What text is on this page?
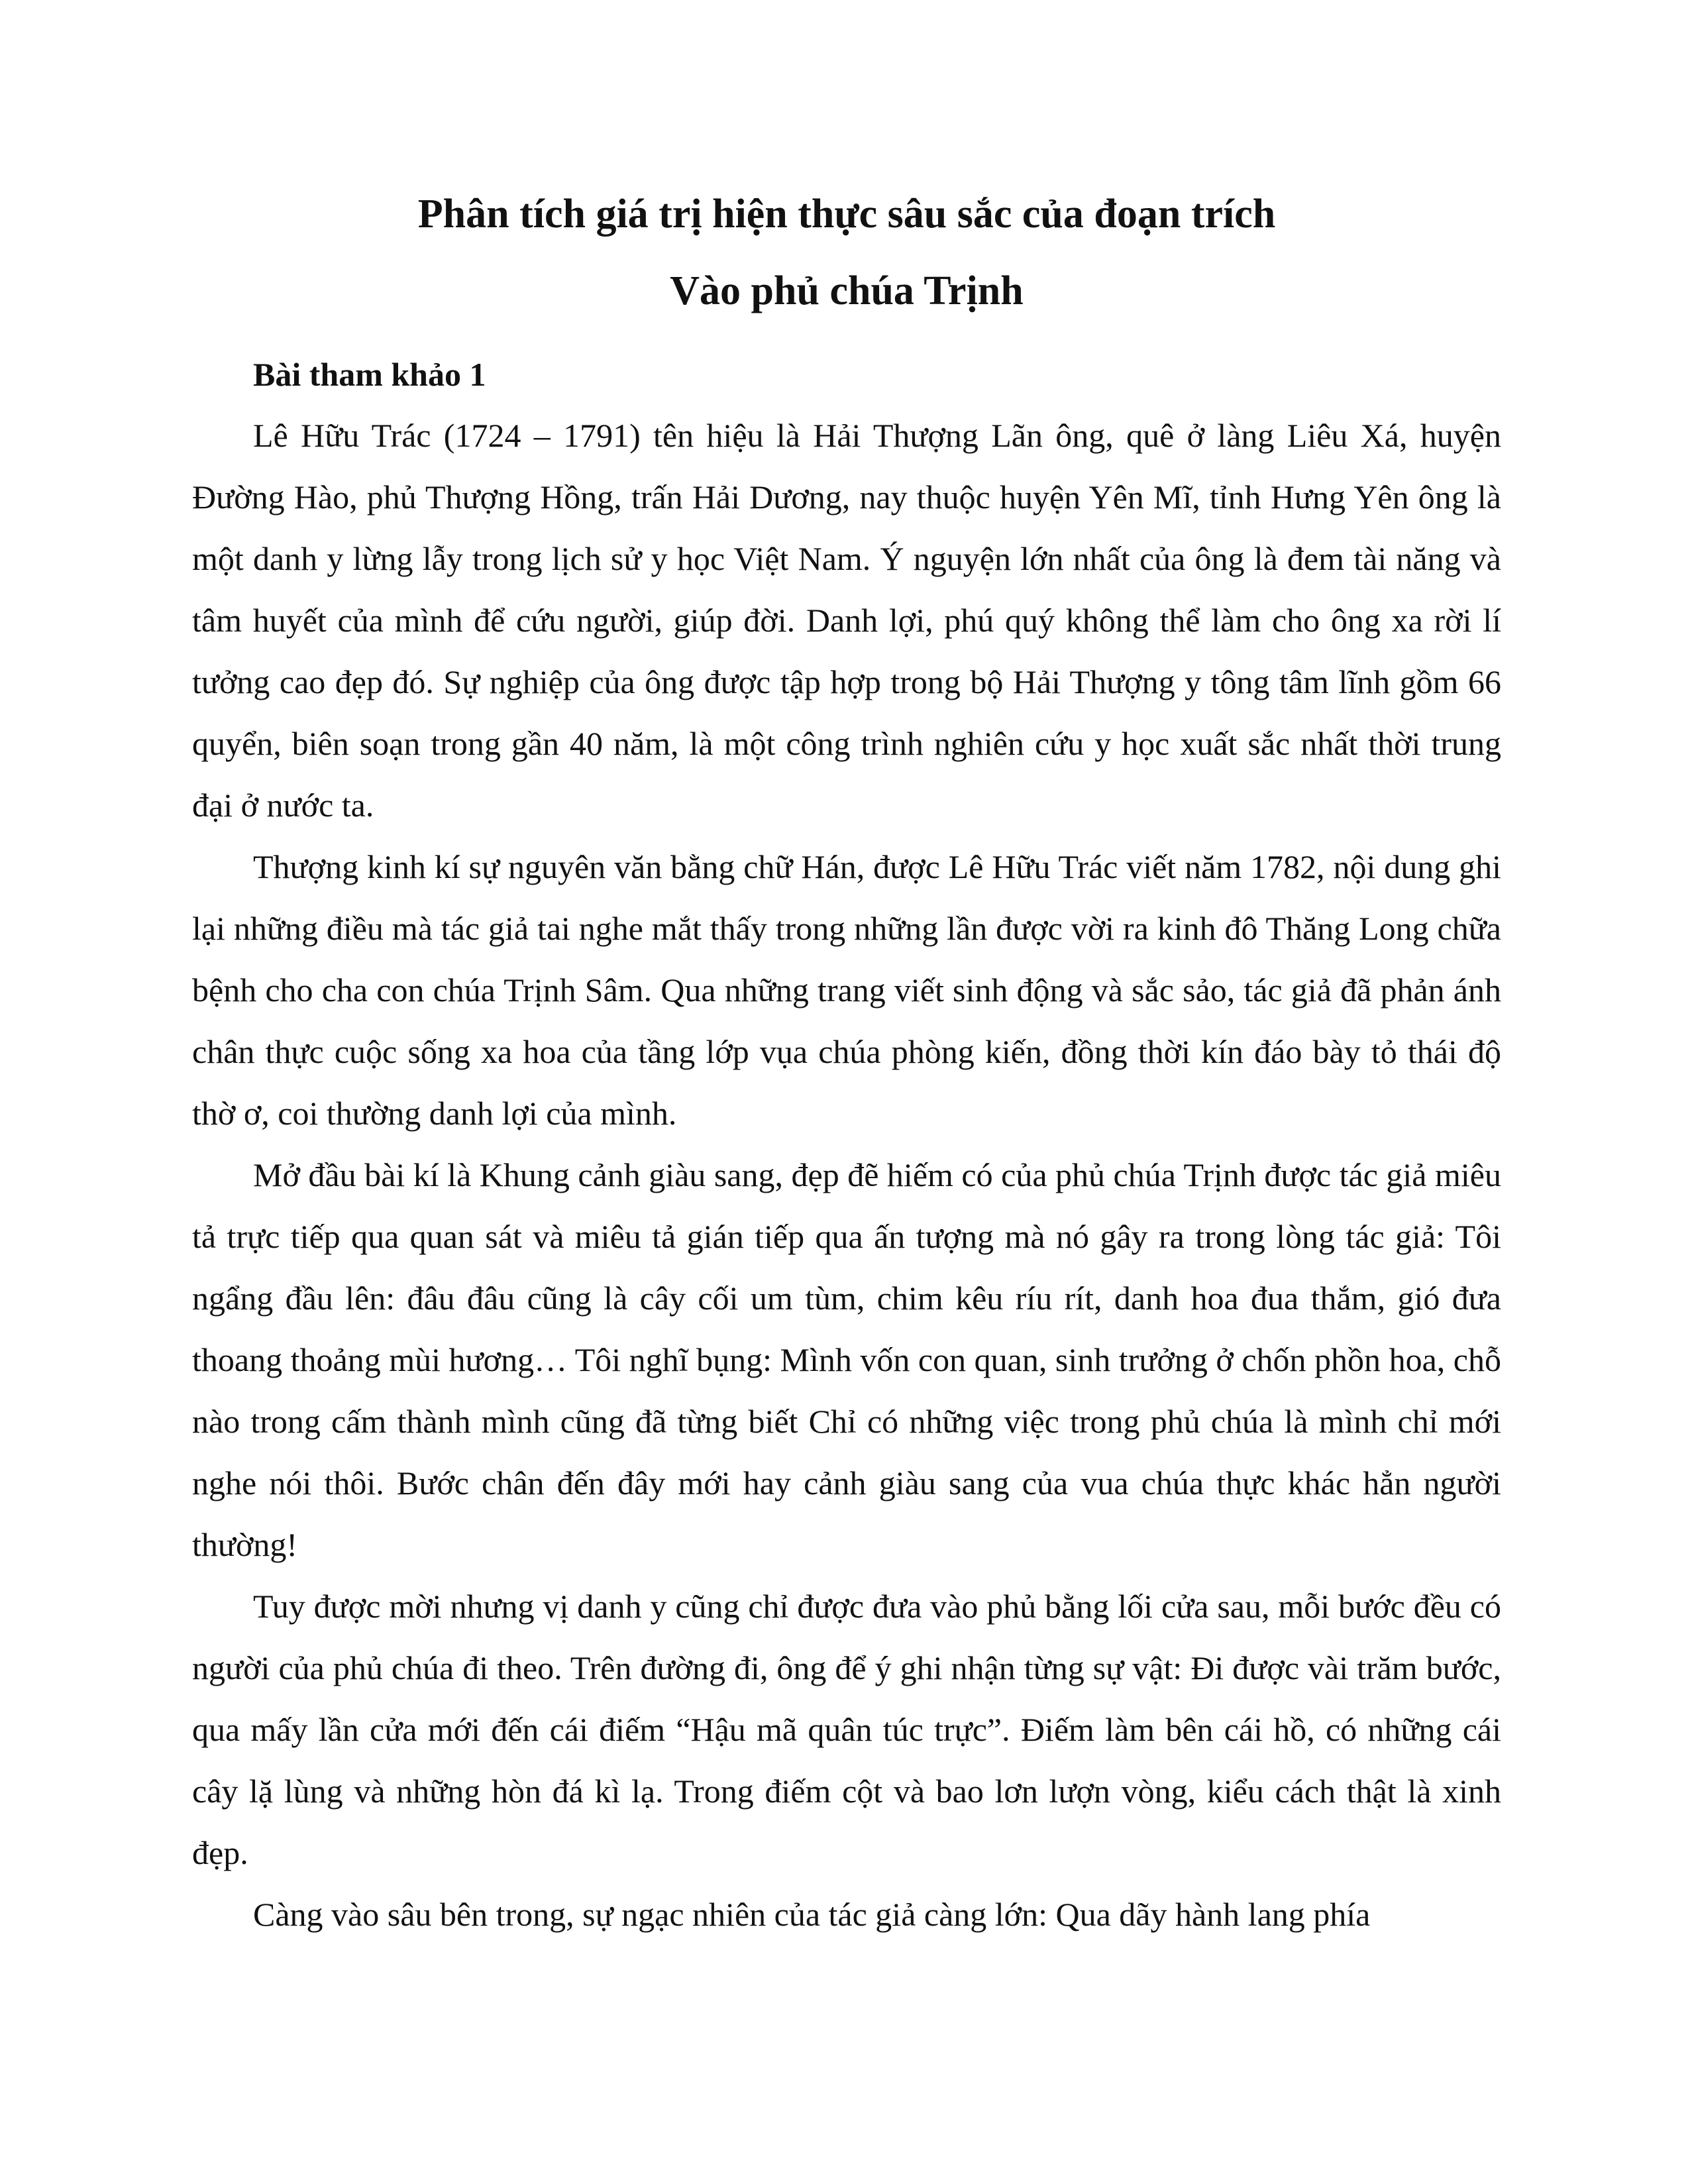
Phân tích giá trị hiện thực sâu sắc của đoạn trích
Vào phủ chúa Trịnh

Bài tham khảo 1

Lê Hữu Trác (1724 – 1791) tên hiệu là Hải Thượng Lãn ông, quê ở làng Liêu Xá, huyện Đường Hào, phủ Thượng Hồng, trấn Hải Dương, nay thuộc huyện Yên Mĩ, tỉnh Hưng Yên ông là một danh y lừng lẫy trong lịch sử y học Việt Nam. Ý nguyện lớn nhất của ông là đem tài năng và tâm huyết của mình để cứu người, giúp đời. Danh lợi, phú quý không thể làm cho ông xa rời lí tưởng cao đẹp đó. Sự nghiệp của ông được tập hợp trong bộ Hải Thượng y tông tâm lĩnh gồm 66 quyển, biên soạn trong gần 40 năm, là một công trình nghiên cứu y học xuất sắc nhất thời trung đại ở nước ta.

Thượng kinh kí sự nguyên văn bằng chữ Hán, được Lê Hữu Trác viết năm 1782, nội dung ghi lại những điều mà tác giả tai nghe mắt thấy trong những lần được vời ra kinh đô Thăng Long chữa bệnh cho cha con chúa Trịnh Sâm. Qua những trang viết sinh động và sắc sảo, tác giả đã phản ánh chân thực cuộc sống xa hoa của tầng lớp vụa chúa phòng kiến, đồng thời kín đáo bày tỏ thái độ thờ ơ, coi thường danh lợi của mình.

Mở đầu bài kí là Khung cảnh giàu sang, đẹp đẽ hiếm có của phủ chúa Trịnh được tác giả miêu tả trực tiếp qua quan sát và miêu tả gián tiếp qua ấn tượng mà nó gây ra trong lòng tác giả: Tôi ngẩng đầu lên: đâu đâu cũng là cây cối um tùm, chim kêu ríu rít, danh hoa đua thắm, gió đưa thoang thoảng mùi hương… Tôi nghĩ bụng: Mình vốn con quan, sinh trưởng ở chốn phồn hoa, chỗ nào trong cấm thành mình cũng đã từng biết Chỉ có những việc trong phủ chúa là mình chỉ mới nghe nói thôi. Bước chân đến đây mới hay cảnh giàu sang của vua chúa thực khác hẳn người thường!

Tuy được mời nhưng vị danh y cũng chỉ được đưa vào phủ bằng lối cửa sau, mỗi bước đều có người của phủ chúa đi theo. Trên đường đi, ông để ý ghi nhận từng sự vật: Đi được vài trăm bước, qua mấy lần cửa mới đến cái điếm “Hậu mã quân túc trực”. Điếm làm bên cái hồ, có những cái cây lặ lùng và những hòn đá kì lạ. Trong điếm cột và bao lơn lượn vòng, kiểu cách thật là xinh đẹp.

Càng vào sâu bên trong, sự ngạc nhiên của tác giả càng lớn: Qua dãy hành lang phía
